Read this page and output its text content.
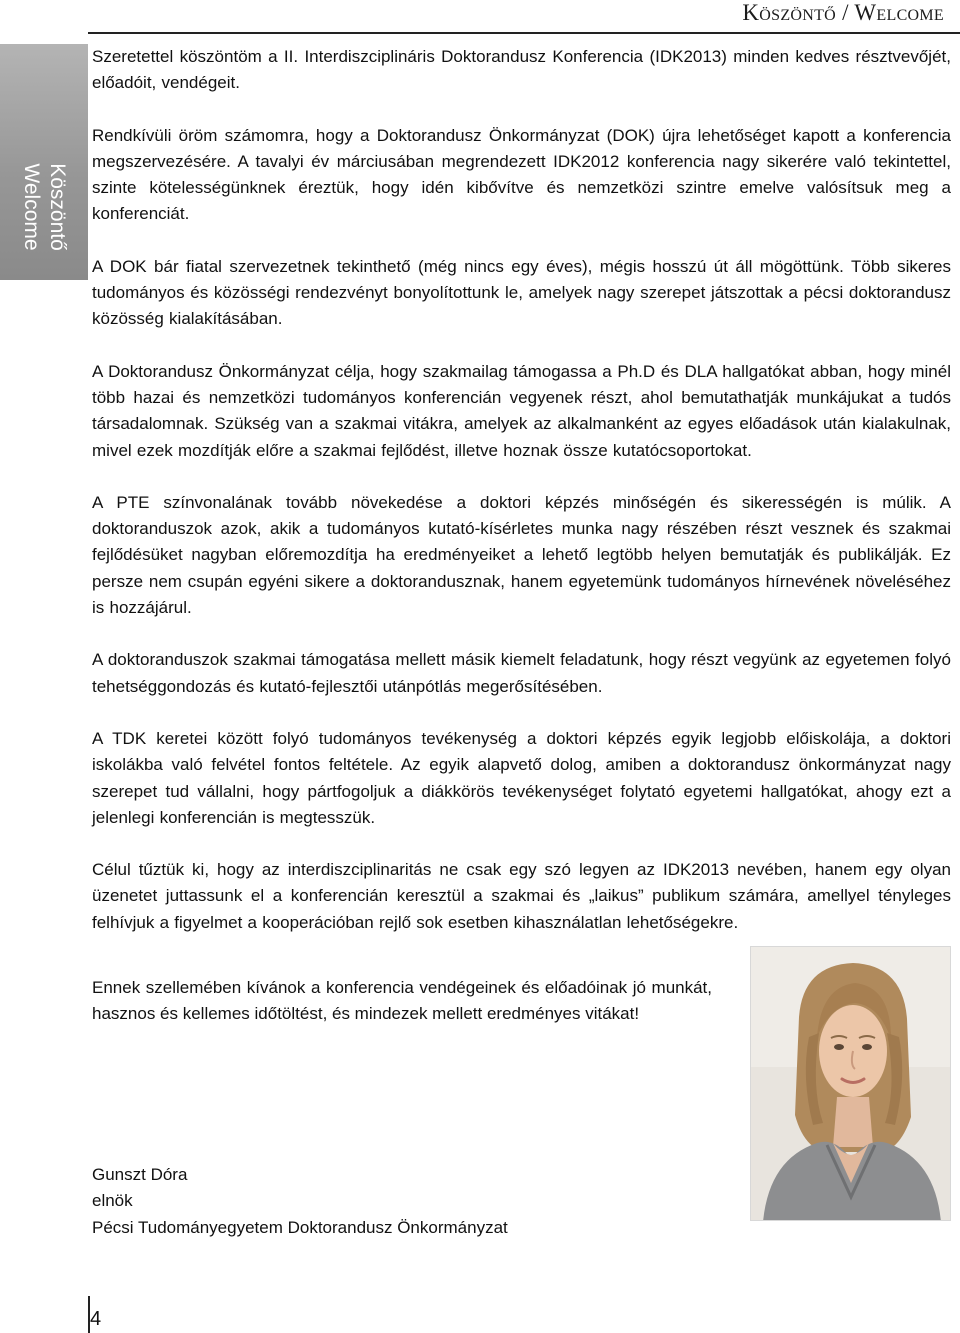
Köszöntő / Welcome
Köszöntő
Welcome

Szeretettel köszöntöm a II. Interdiszciplináris Doktorandusz Konferencia (IDK2013) minden kedves résztvevőjét, előadóit, vendégeit.

Rendkívüli öröm számomra, hogy a Doktorandusz Önkormányzat (DOK) újra lehetőséget kapott a konferencia megszervezésére. A tavalyi év márciusában megrendezett IDK2012 konferencia nagy sikerére való tekintettel, szinte kötelességünknek éreztük, hogy idén kibővítve és nemzetközi szintre emelve valósítsuk meg a konferenciát.

A DOK bár fiatal szervezetnek tekinthető (még nincs egy éves), mégis hosszú út áll mögöttünk. Több sikeres tudományos és közösségi rendezvényt bonyolítottunk le, amelyek nagy szerepet játszottak a pécsi doktorandusz közösség kialakításában.

A Doktorandusz Önkormányzat célja, hogy szakmailag támogassa a Ph.D és DLA hallgatókat abban, hogy minél több hazai és nemzetközi tudományos konferencián vegyenek részt, ahol bemutathatják munkájukat a tudós társadalomnak. Szükség van a szakmai vitákra, amelyek az alkalmanként az egyes előadások után kialakulnak, mivel ezek mozdítják előre a szakmai fejlődést, illetve hoznak össze kutatócsoportokat.

A PTE színvonalának tovább növekedése a doktori képzés minőségén és sikerességén is múlik. A doktoranduszok azok, akik a tudományos kutató-kísérletes munka nagy részében részt vesznek és szakmai fejlődésüket nagyban előremozdítja ha eredményeiket a lehető legtöbb helyen bemutatják és publikálják. Ez persze nem csupán egyéni sikere a doktorandusznak, hanem egyetemünk tudományos hírnevének növeléséhez is hozzájárul.

A doktoranduszok szakmai támogatása mellett másik kiemelt feladatunk, hogy részt vegyünk az egyetemen folyó tehetséggondozás és kutató-fejlesztői utánpótlás megerősítésében.

A TDK keretei között folyó tudományos tevékenység a doktori képzés egyik legjobb előiskolája, a doktori iskolákba való felvétel fontos feltétele. Az egyik alapvető dolog, amiben a doktorandusz önkormányzat nagy szerepet tud vállalni, hogy pártfogoljuk a diákkörös tevékenységet folytató egyetemi hallgatókat, ahogy ezt a jelenlegi konferencián is megtesszük.

Célul tűztük ki, hogy az interdiszciplinaritás ne csak egy szó legyen az IDK2013 nevében, hanem egy olyan üzenetet juttassunk el a konferencián keresztül a szakmai és „laikus” publikum számára, amellyel tényleges felhívjuk a figyelmet a kooperációban rejlő sok esetben kihasználatlan lehetőségekre.

Ennek szellemében kívánok a konferencia vendégeinek és előadóinak jó munkát, hasznos és kellemes időtöltést, és mindezek mellett eredményes vitákat!

Gunszt Dóra
elnök
Pécsi Tudományegyetem Doktorandusz Önkormányzat
4
